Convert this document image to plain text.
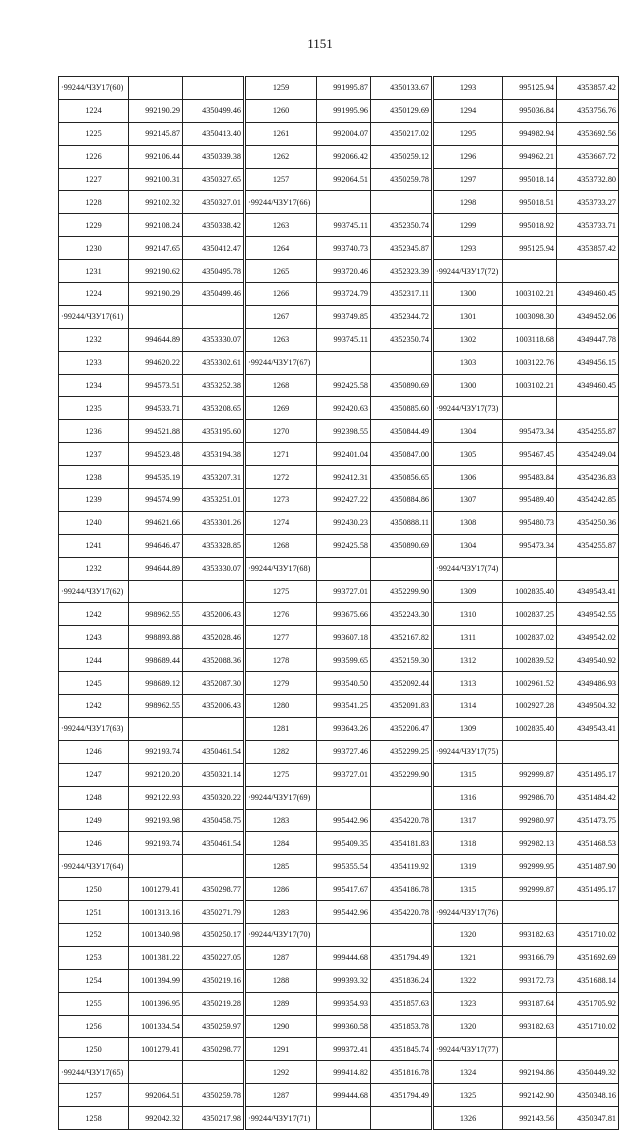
1151
·99244/ЧЗУ17(60)			1259	991995.87	4350133.67	1293	995125.94	4353857.42
1224	992190.29	4350499.46	1260	991995.96	4350129.69	1294	995036.84	4353756.76
1225	992145.87	4350413.40	1261	992004.07	4350217.02	1295	994982.94	4353692.56
1226	992106.44	4350339.38	1262	992066.42	4350259.12	1296	994962.21	4353667.72
1227	992100.31	4350327.65	1257	992064.51	4350259.78	1297	995018.14	4353732.80
1228	992102.32	4350327.01	·99244/ЧЗУ17(66)			1298	995018.51	4353733.27
1229	992108.24	4350338.42	1263	993745.11	4352350.74	1299	995018.92	4353733.71
1230	992147.65	4350412.47	1264	993740.73	4352345.87	1293	995125.94	4353857.42
1231	992190.62	4350495.78	1265	993720.46	4352323.39	·99244/ЧЗУ17(72)		
1224	992190.29	4350499.46	1266	993724.79	4352317.11	1300	1003102.21	4349460.45
·99244/ЧЗУ17(61)			1267	993749.85	4352344.72	1301	1003098.30	4349452.06
1232	994644.89	4353330.07	1263	993745.11	4352350.74	1302	1003118.68	4349447.78
1233	994620.22	4353302.61	·99244/ЧЗУ17(67)			1303	1003122.76	4349456.15
1234	994573.51	4353252.38	1268	992425.58	4350890.69	1300	1003102.21	4349460.45
1235	994533.71	4353208.65	1269	992420.63	4350885.60	·99244/ЧЗУ17(73)		
1236	994521.88	4353195.60	1270	992398.55	4350844.49	1304	995473.34	4354255.87
1237	994523.48	4353194.38	1271	992401.04	4350847.00	1305	995467.45	4354249.04
1238	994535.19	4353207.31	1272	992412.31	4350856.65	1306	995483.84	4354236.83
1239	994574.99	4353251.01	1273	992427.22	4350884.86	1307	995489.40	4354242.85
1240	994621.66	4353301.26	1274	992430.23	4350888.11	1308	995480.73	4354250.36
1241	994646.47	4353328.85	1268	992425.58	4350890.69	1304	995473.34	4354255.87
1232	994644.89	4353330.07	·99244/ЧЗУ17(68)			·99244/ЧЗУ17(74)		
·99244/ЧЗУ17(62)			1275	993727.01	4352299.90	1309	1002835.40	4349543.41
1242	998962.55	4352006.43	1276	993675.66	4352243.30	1310	1002837.25	4349542.55
1243	998893.88	4352028.46	1277	993607.18	4352167.82	1311	1002837.02	4349542.02
1244	998689.44	4352088.36	1278	993599.65	4352159.30	1312	1002839.52	4349540.92
1245	998689.12	4352087.30	1279	993540.50	4352092.44	1313	1002961.52	4349486.93
1242	998962.55	4352006.43	1280	993541.25	4352091.83	1314	1002927.28	4349504.32
·99244/ЧЗУ17(63)			1281	993643.26	4352206.47	1309	1002835.40	4349543.41
1246	992193.74	4350461.54	1282	993727.46	4352299.25	·99244/ЧЗУ17(75)		
1247	992120.20	4350321.14	1275	993727.01	4352299.90	1315	992999.87	4351495.17
1248	992122.93	4350320.22	·99244/ЧЗУ17(69)			1316	992986.70	4351484.42
1249	992193.98	4350458.75	1283	995442.96	4354220.78	1317	992980.97	4351473.75
1246	992193.74	4350461.54	1284	995409.35	4354181.83	1318	992982.13	4351468.53
·99244/ЧЗУ17(64)			1285	995355.54	4354119.92	1319	992999.95	4351487.90
1250	1001279.41	4350298.77	1286	995417.67	4354186.78	1315	992999.87	4351495.17
1251	1001313.16	4350271.79	1283	995442.96	4354220.78	·99244/ЧЗУ17(76)		
1252	1001340.98	4350250.17	·99244/ЧЗУ17(70)			1320	993182.63	4351710.02
1253	1001381.22	4350227.05	1287	999444.68	4351794.49	1321	993166.79	4351692.69
1254	1001394.99	4350219.16	1288	999393.32	4351836.24	1322	993172.73	4351688.14
1255	1001396.95	4350219.28	1289	999354.93	4351857.63	1323	993187.64	4351705.92
1256	1001334.54	4350259.97	1290	999360.58	4351853.78	1320	993182.63	4351710.02
1250	1001279.41	4350298.77	1291	999372.41	4351845.74	·99244/ЧЗУ17(77)		
·99244/ЧЗУ17(65)			1292	999414.82	4351816.78	1324	992194.86	4350449.32
1257	992064.51	4350259.78	1287	999444.68	4351794.49	1325	992142.90	4350348.16
1258	992042.32	4350217.98	·99244/ЧЗУ17(71)			1326	992143.56	4350347.81
